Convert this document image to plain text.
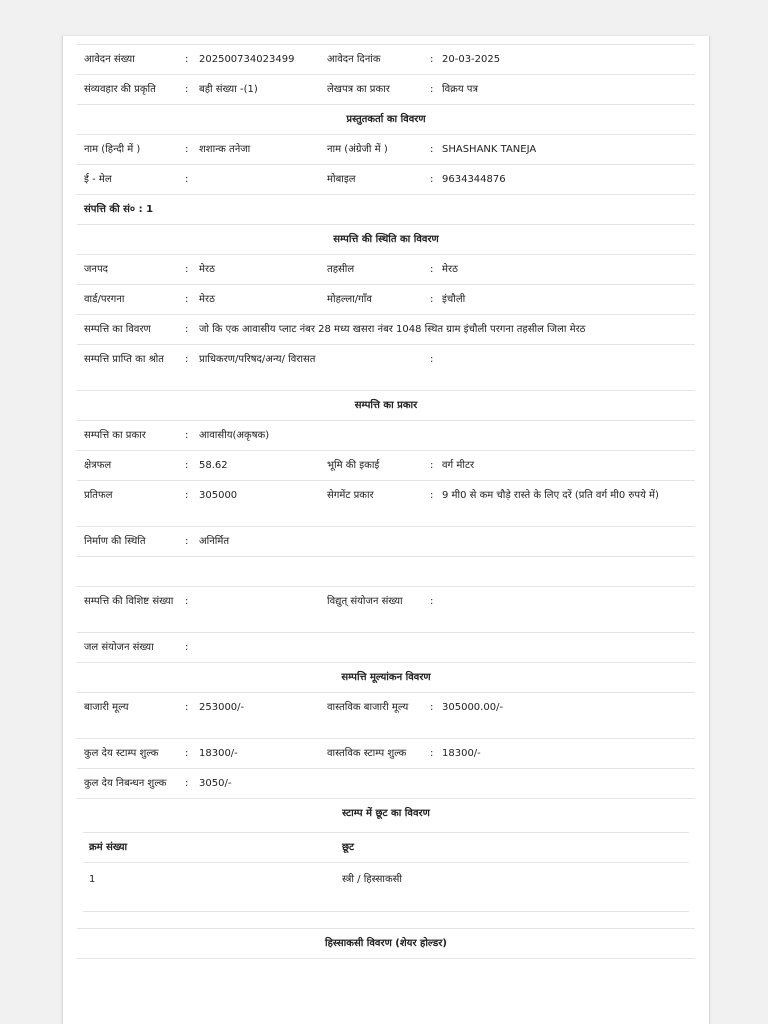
आवेदन संख्या	:	202500734023499	आवेदन दिनांक	: 20-03-2025
संव्यवहार की प्रकृति	:	बही संख्या -(1)	लेखपत्र का प्रकार	: विक्रय पत्र
प्रस्तुतकर्ता का विवरण
नाम (हिन्दी में )	:	शशान्क तनेजा	नाम (अंग्रेजी में )	: SHASHANK TANEJA
ई - मेल	:	मोबाइल	: 9634344876
संपत्ति की सं० : 1
सम्पत्ति की स्थिति का विवरण
जनपद	:	मेरठ	तहसील	: मेरठ
वार्ड/परगना	:	मेरठ	मोहल्ला/गाँव	: इंचौली
सम्पत्ति का विवरण	:	जो कि एक आवासीय प्लाट नंबर 28 मध्य खसरा नंबर 1048 स्थित ग्राम इंचौली परगना तहसील जिला मेरठ
सम्पत्ति प्राप्ति का श्रोत	:	प्राधिकरण/परिषद/अन्य/ विरासत	:
सम्पत्ति का प्रकार
सम्पत्ति का प्रकार	:	आवासीय(अकृषक)
क्षेत्रफल	:	58.62	भूमि की इकाई	: वर्ग मीटर
प्रतिफल	:	305000	सेगमेंट प्रकार	: 9 मी0 से कम चौड़े रास्ते के लिए दरें (प्रति वर्ग मी0 रुपये में)
निर्माण की स्थिति	:	अनिर्मित
सम्पत्ति की विशिष्ट संख्या	:	विद्युत् संयोजन संख्या	:
जल संयोजन संख्या	:
सम्पत्ति मूल्यांकन विवरण
बाजारी मूल्य	:	253000/-	वास्तविक बाजारी मूल्य	: 305000.00/-
कुल देय स्टाम्प शुल्क	:	18300/-	वास्तविक स्टाम्प शुल्क	: 18300/-
कुल देय निबन्धन शुल्क	:	3050/-
स्टाम्प में छूट का विवरण
क्रमं संख्या	छूट
1	स्त्री / हिस्साकसी
हिस्साकसी विवरण (शेयर होल्डर)
